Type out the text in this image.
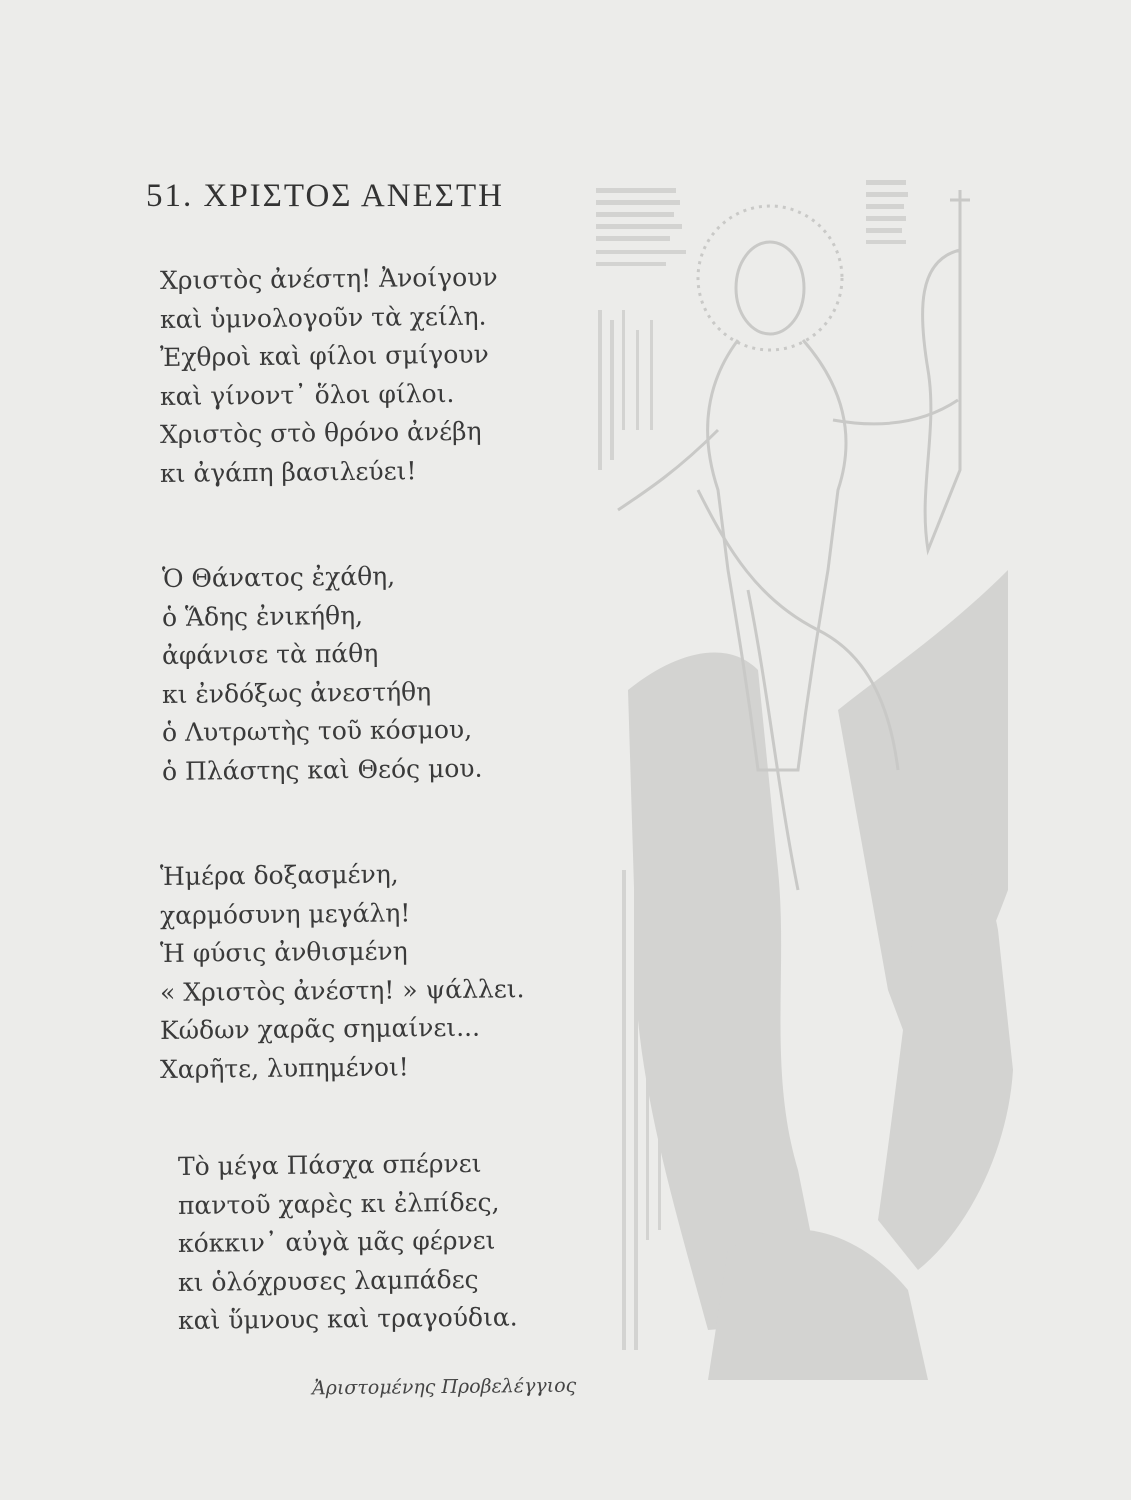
51. ΧΡΙΣΤΟΣ ΑΝΕΣΤΗ
Χριστὸς ἀνέστη! Ἀνοίγουν
καὶ ὑμνολογοῦν τὰ χείλη.
Ἐχθροὶ καὶ φίλοι σμίγουν
καὶ γίνοντ᾽ ὅλοι φίλοι.
Χριστὸς στὸ θρόνο ἀνέβη
κι ἀγάπη βασιλεύει!
Ὁ Θάνατος ἐχάθη,
ὁ Ἅδης ἐνικήθη,
ἀφάνισε τὰ πάθη
κι ἐνδόξως ἀνεστήθη
ὁ Λυτρωτὴς τοῦ κόσμου,
ὁ Πλάστης καὶ Θεός μου.
Ἡμέρα δοξασμένη,
χαρμόσυνη μεγάλη!
Ἡ φύσις ἀνθισμένη
« Χριστὸς ἀνέστη! » ψάλλει.
Κώδων χαρᾶς σημαίνει...
Χαρῆτε, λυπημένοι!
Τὸ μέγα Πάσχα σπέρνει
παντοῦ χαρὲς κι ἐλπίδες,
κόκκιν᾽ αὐγὰ μᾶς φέρνει
κι ὁλόχρυσες λαμπάδες
καὶ ὕμνους καὶ τραγούδια.
Ἀριστομένης Προβελέγγιος
